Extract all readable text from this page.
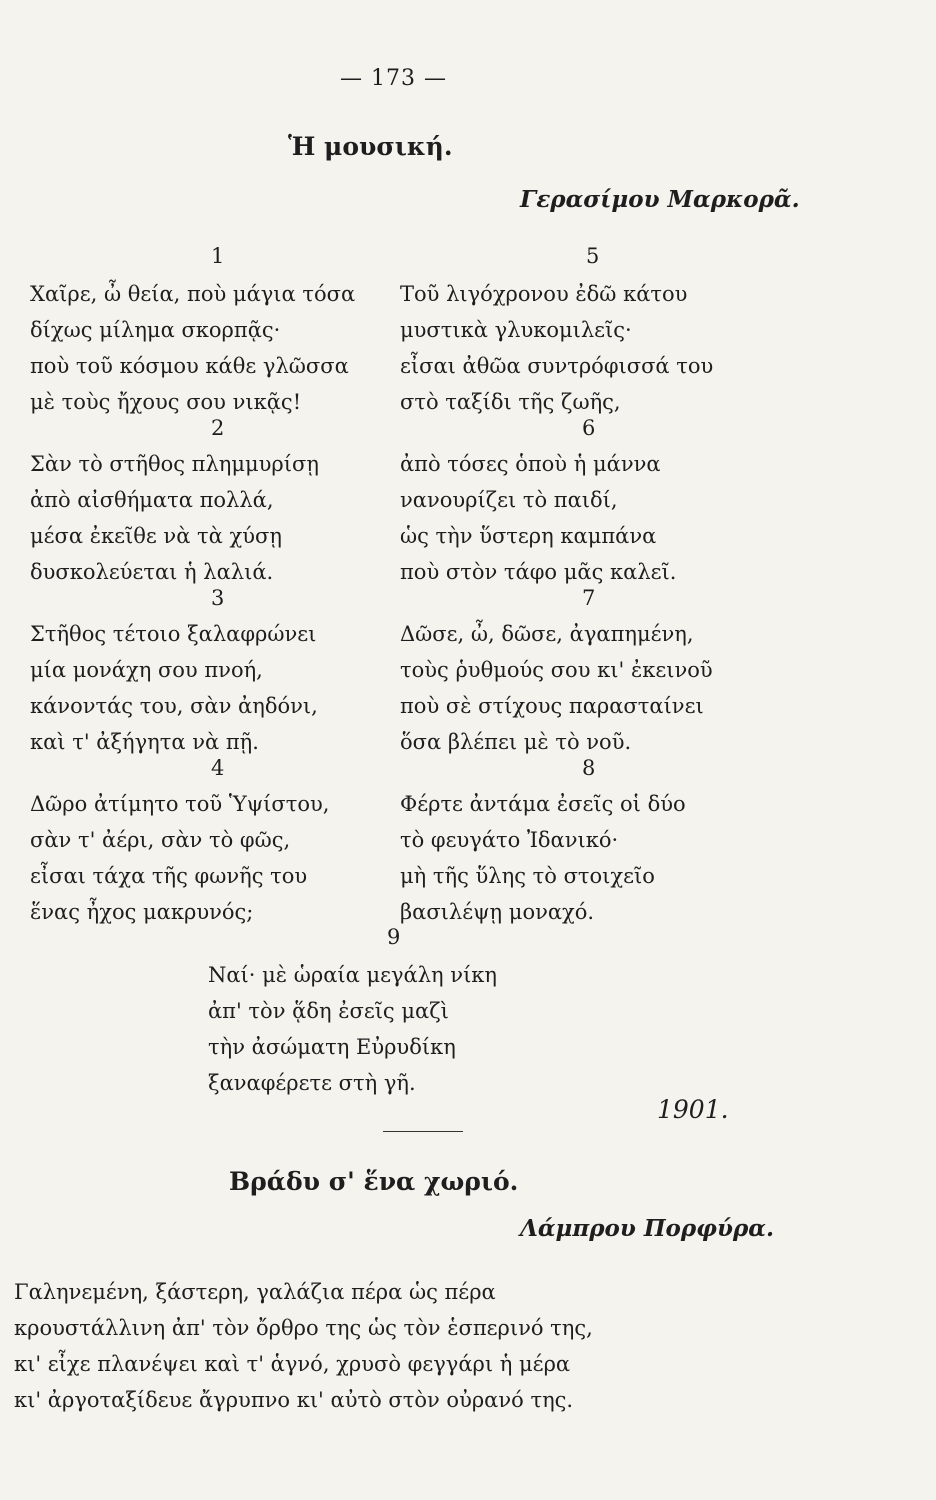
— 173 —
Ἡ μουσική.
Γερασίμου Μαρκορᾶ.
1
2
3
4
5
6
7
8
9
Χαῖρε, ὦ θεία, ποὺ μάγια τόσα
δίχως μίλημα σκορπᾷς·
ποὺ τοῦ κόσμου κάθε γλῶσσα
μὲ τοὺς ἤχους σου νικᾷς!
Σὰν τὸ στῆθος πλημμυρίσῃ
ἀπὸ αἰσθήματα πολλά,
μέσα ἐκεῖθε νὰ τὰ χύσῃ
δυσκολεύεται ἡ λαλιά.
Στῆθος τέτοιο ξαλαφρώνει
μία μονάχη σου πνοή,
κάνοντάς του, σὰν ἀηδόνι,
καὶ τ' ἀξήγητα νὰ πῇ.
Δῶρο ἀτίμητο τοῦ Ὑψίστου,
σὰν τ' ἀέρι, σὰν τὸ φῶς,
εἶσαι τάχα τῆς φωνῆς του
ἕνας ἦχος μακρυνός;
Τοῦ λιγόχρονου ἐδῶ κάτου
μυστικὰ γλυκομιλεῖς·
εἶσαι ἀθῶα συντρόφισσά του
στὸ ταξίδι τῆς ζωῆς,
ἀπὸ τόσες ὁποὺ ἡ μάννα
νανουρίζει τὸ παιδί,
ὡς τὴν ὕστερη καμπάνα
ποὺ στὸν τάφο μᾶς καλεῖ.
Δῶσε, ὦ, δῶσε, ἀγαπημένη,
τοὺς ῥυθμούς σου κι' ἐκεινοῦ
ποὺ σὲ στίχους παρασταίνει
ὅσα βλέπει μὲ τὸ νοῦ.
Φέρτε ἀντάμα ἐσεῖς οἱ δύο
τὸ φευγάτο Ἰδανικό·
μὴ τῆς ὕλης τὸ στοιχεῖο
βασιλέψῃ μοναχό.
Ναί· μὲ ὡραία μεγάλη νίκη
ἀπ' τὸν ᾅδη ἐσεῖς μαζὶ
τὴν ἀσώματη Εὐρυδίκη
ξαναφέρετε στὴ γῆ.
1901.
Βράδυ σ' ἕνα χωριό.
Λάμπρου Πορφύρα.
Γαληνεμένη, ξάστερη, γαλάζια πέρα ὡς πέρα
κρουστάλλινη ἀπ' τὸν ὄρθρο της ὡς τὸν ἑσπερινό της,
κι' εἶχε πλανέψει καὶ τ' ἁγνό, χρυσὸ φεγγάρι ἡ μέρα
κι' ἀργοταξίδευε ἄγρυπνο κι' αὐτὸ στὸν οὐρανό της.
